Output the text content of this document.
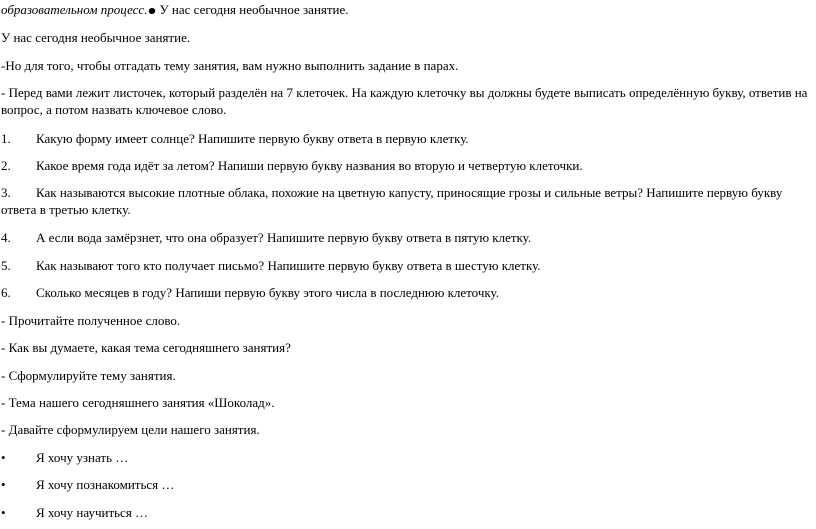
образовательном процесс. У нас сегодня необычное занятие.
У нас сегодня необычное занятие.
-Но для того, чтобы отгадать тему занятия, вам нужно выполнить задание в парах.
- Перед вами лежит листочек, который разделён на 7 клеточек. На каждую клеточку вы должны будете выписать определённую букву, ответив на вопрос, а потом назвать ключевое слово.
1. Какую форму имеет солнце? Напишите первую букву ответа в первую клетку.
2. Какое время года идёт за летом? Напиши первую букву названия во вторую и четвертую клеточки.
3. Как называются высокие плотные облака, похожие на цветную капусту, приносящие грозы и сильные ветры? Напишите первую букву ответа в третью клетку.
4. А если вода замёрзнет, что она образует? Напишите первую букву ответа в пятую клетку.
5. Как называют того кто получает письмо? Напишите первую букву ответа в шестую клетку.
6. Сколько месяцев в году? Напиши первую букву этого числа в последнюю клеточку.
- Прочитайте полученное слово.
- Как вы думаете, какая тема сегодняшнего занятия?
- Сформулируйте тему занятия.
- Тема нашего сегодняшнего занятия «Шоколад».
- Давайте сформулируем цели нашего занятия.
• Я хочу узнать …
• Я хочу познакомиться …
• Я хочу научиться …
